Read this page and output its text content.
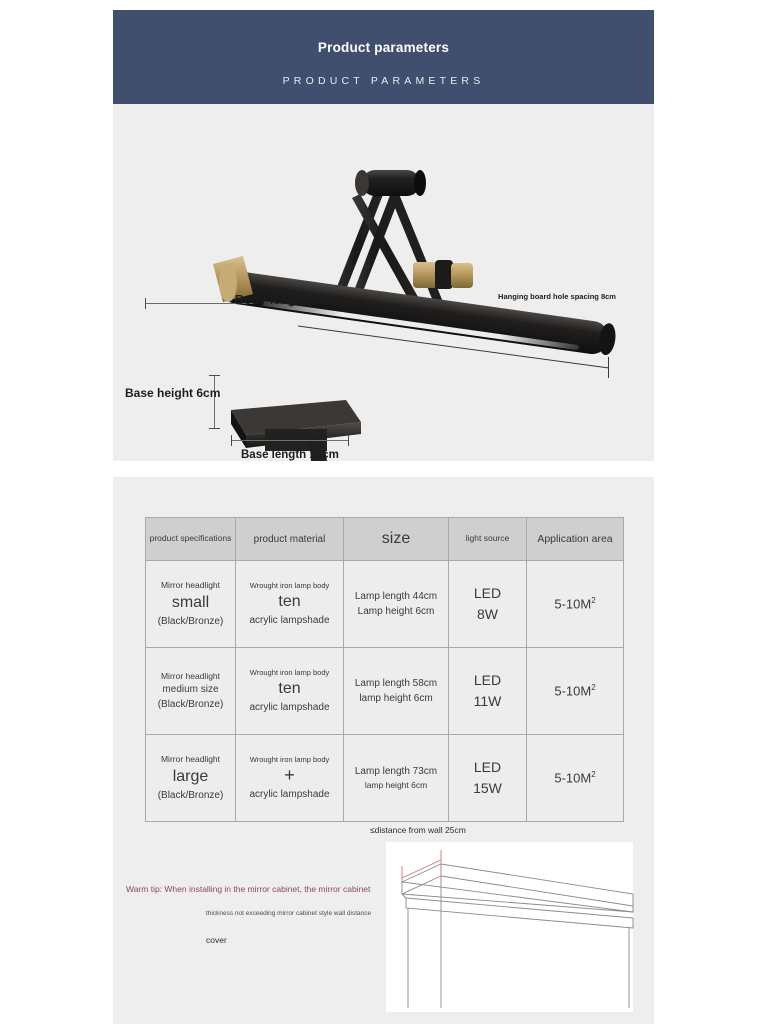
Product parameters
PRODUCT PARAMETERS
Body length 58cm
Base height 6cm
Base length 13cm
Hanging board hole spacing 8cm
product specifications	product material	size	light source	Application area

Mirror headlight
small
(Black/Bronze)	Wrought iron lamp body
ten
acrylic lampshade	Lamp length 44cm
Lamp height 6cm	LED
8W	$5-10M^2$

Mirror headlight
medium size
(Black/Bronze)	Wrought iron lamp body
ten
acrylic lampshade	Lamp length 58cm
lamp height 6cm	LED
11W	$5-10M^2$

Mirror headlight
large
(Black/Bronze)	Wrought iron lamp body
+
acrylic lampshade	Lamp length 73cm
lamp height 6cm	LED
15W	$5-10M^2$
≤distance from wall 25cm
Warm tip: When installing in the mirror cabinet, the mirror cabinet
thickness not exceeding mirror cabinet style wall distance
cover
